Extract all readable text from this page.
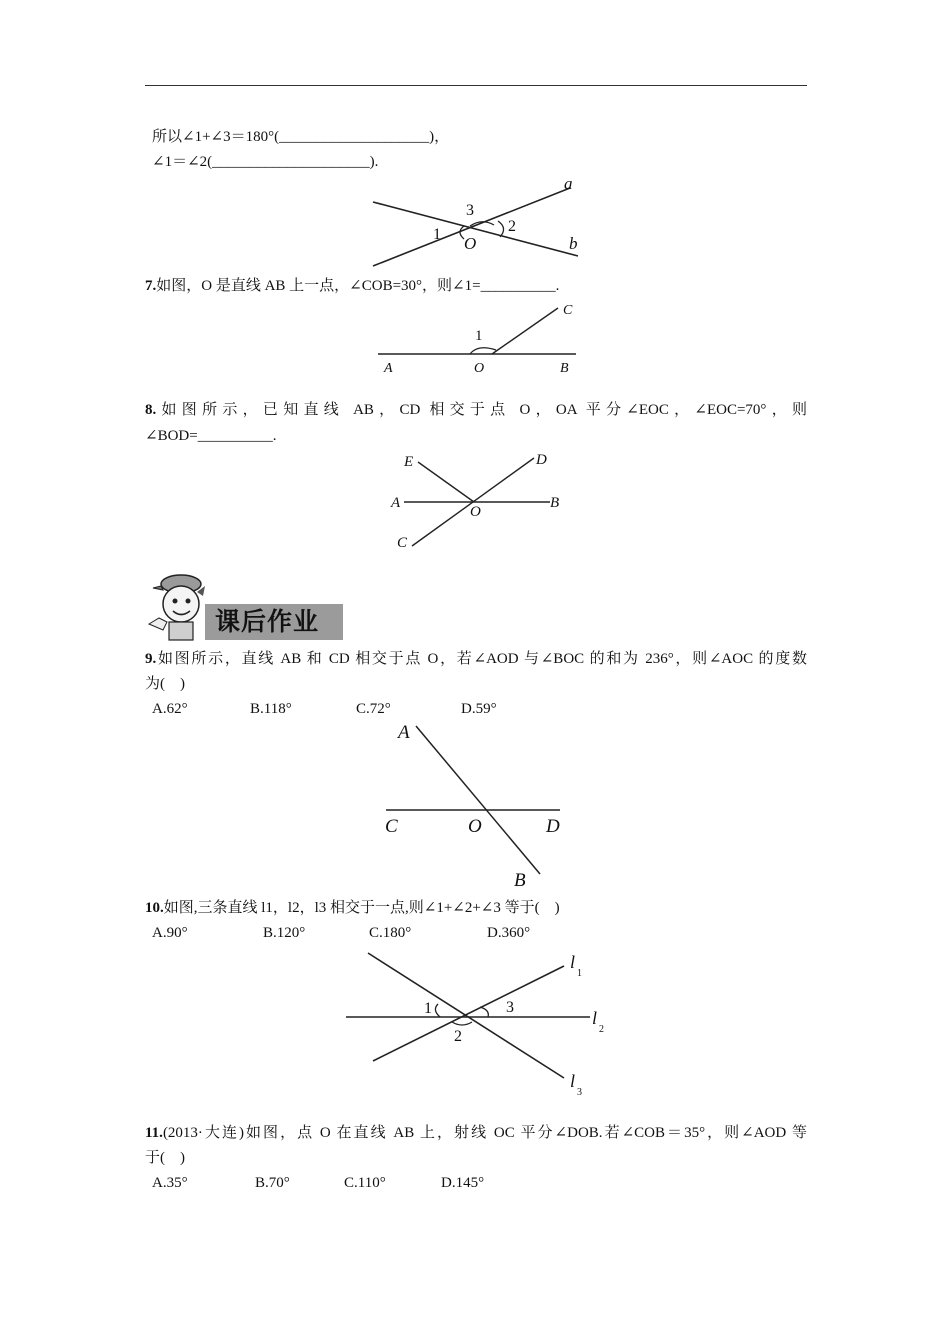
所以∠1+∠3＝180°(____________________)，
∠1＝∠2(_____________________).
a
b
O
1	2
3
7.如图，O 是直线 AB 上一点，∠COB=30°，则∠1=__________.
A	O	B
C
1
8.如图所示，已知直线 AB，CD 相交于点 O，OA 平分∠EOC，∠EOC=70°，则
∠BOD=__________.
E	D
A	B
O
C
课后作业
9.如图所示，直线 AB 和 CD 相交于点 O，若∠AOD 与∠BOC 的和为 236°，则∠AOC 的度数
为(　)
A.62°	B.118°	C.72°	D.59°
A
C	O	D
B
10.如图,三条直线 l1，l2，l3 相交于一点,则∠1+∠2+∠3 等于(　)
A.90°	B.120°	C.180°	D.360°
1
2
3
l
1
l
2
l
3
11.(2013·大连)如图，点 O 在直线 AB 上，射线 OC 平分∠DOB.若∠COB＝35°，则∠AOD 等
于(　)
A.35°	B.70°	C.110°	D.145°
